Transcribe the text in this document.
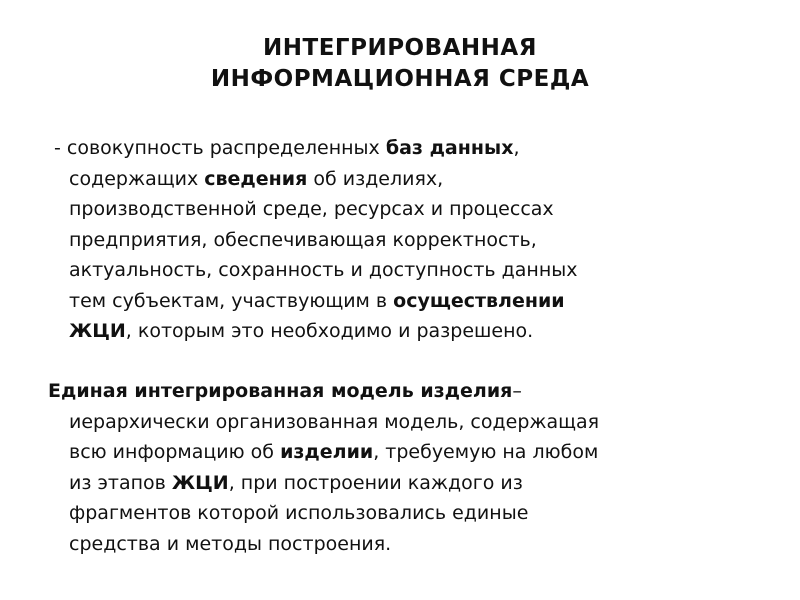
ИНТЕГРИРОВАННАЯ
ИНФОРМАЦИОННАЯ СРЕДА
- совокупность распределенных баз данных,
содержащих сведения об изделиях,
производственной среде, ресурсах и процессах
предприятия, обеспечивающая корректность,
актуальность, сохранность и доступность данных
тем субъектам, участвующим в осуществлении
ЖЦИ, которым это необходимо и разрешено.
Единая интегрированная модель изделия–
иерархически организованная модель, содержащая
всю информацию об изделии, требуемую на любом
из этапов ЖЦИ, при построении каждого из
фрагментов которой использовались единые
средства и методы построения.
